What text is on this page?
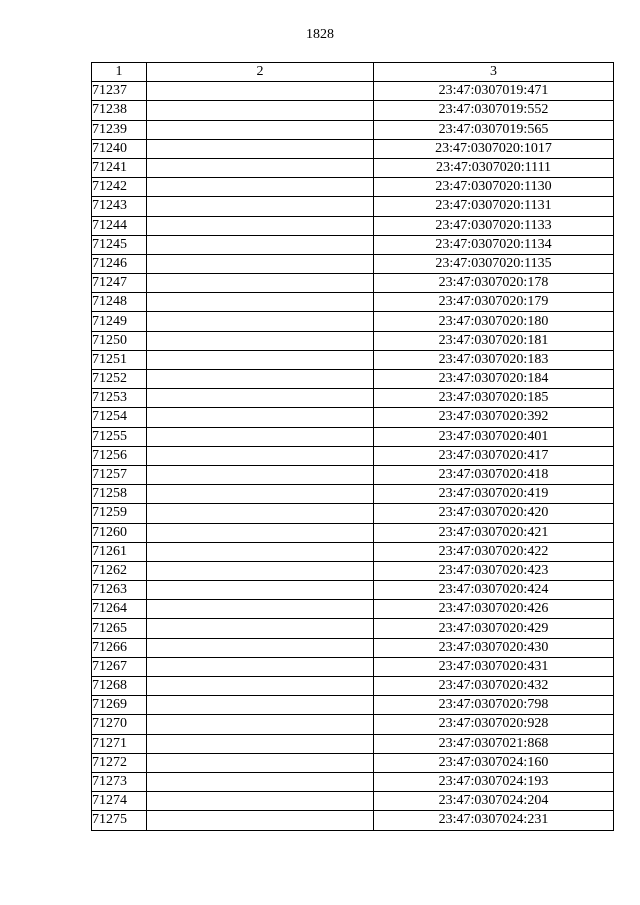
1828
1	2	3
71237		23:47:0307019:471
71238		23:47:0307019:552
71239		23:47:0307019:565
71240		23:47:0307020:1017
71241		23:47:0307020:1111
71242		23:47:0307020:1130
71243		23:47:0307020:1131
71244		23:47:0307020:1133
71245		23:47:0307020:1134
71246		23:47:0307020:1135
71247		23:47:0307020:178
71248		23:47:0307020:179
71249		23:47:0307020:180
71250		23:47:0307020:181
71251		23:47:0307020:183
71252		23:47:0307020:184
71253		23:47:0307020:185
71254		23:47:0307020:392
71255		23:47:0307020:401
71256		23:47:0307020:417
71257		23:47:0307020:418
71258		23:47:0307020:419
71259		23:47:0307020:420
71260		23:47:0307020:421
71261		23:47:0307020:422
71262		23:47:0307020:423
71263		23:47:0307020:424
71264		23:47:0307020:426
71265		23:47:0307020:429
71266		23:47:0307020:430
71267		23:47:0307020:431
71268		23:47:0307020:432
71269		23:47:0307020:798
71270		23:47:0307020:928
71271		23:47:0307021:868
71272		23:47:0307024:160
71273		23:47:0307024:193
71274		23:47:0307024:204
71275		23:47:0307024:231
